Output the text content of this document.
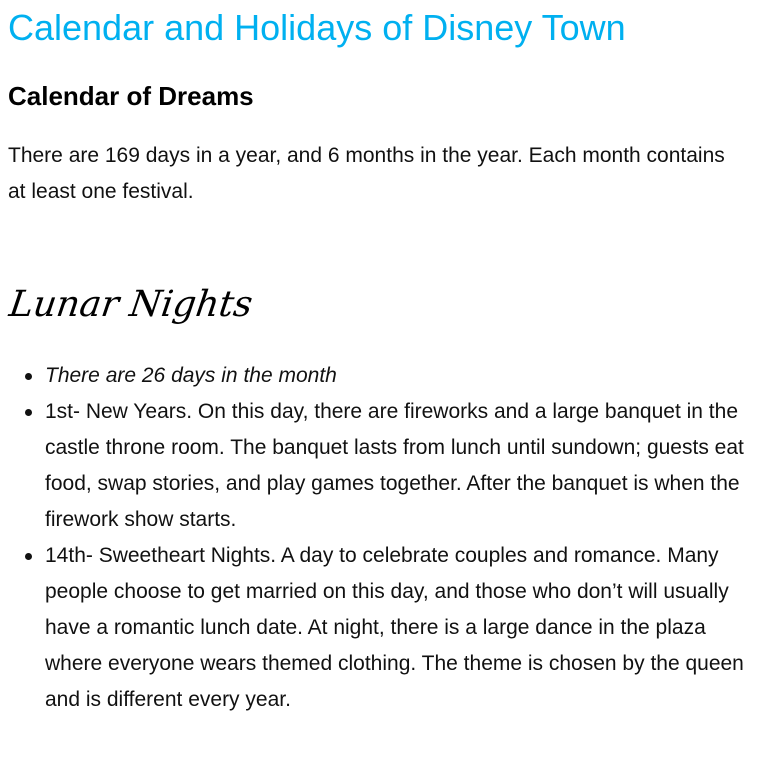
Calendar and Holidays of Disney Town
Calendar of Dreams

There are 169 days in a year, and 6 months in the year. Each month contains at least one festival.

Lunar Nights
There are 26 days in the month
1st- New Years. On this day, there are fireworks and a large banquet in the castle throne room. The banquet lasts from lunch until sundown; guests eat food, swap stories, and play games together. After the banquet is when the firework show starts.
14th- Sweetheart Nights. A day to celebrate couples and romance. Many people choose to get married on this day, and those who don’t will usually have a romantic lunch date. At night, there is a large dance in the plaza where everyone wears themed clothing. The theme is chosen by the queen and is different every year.
